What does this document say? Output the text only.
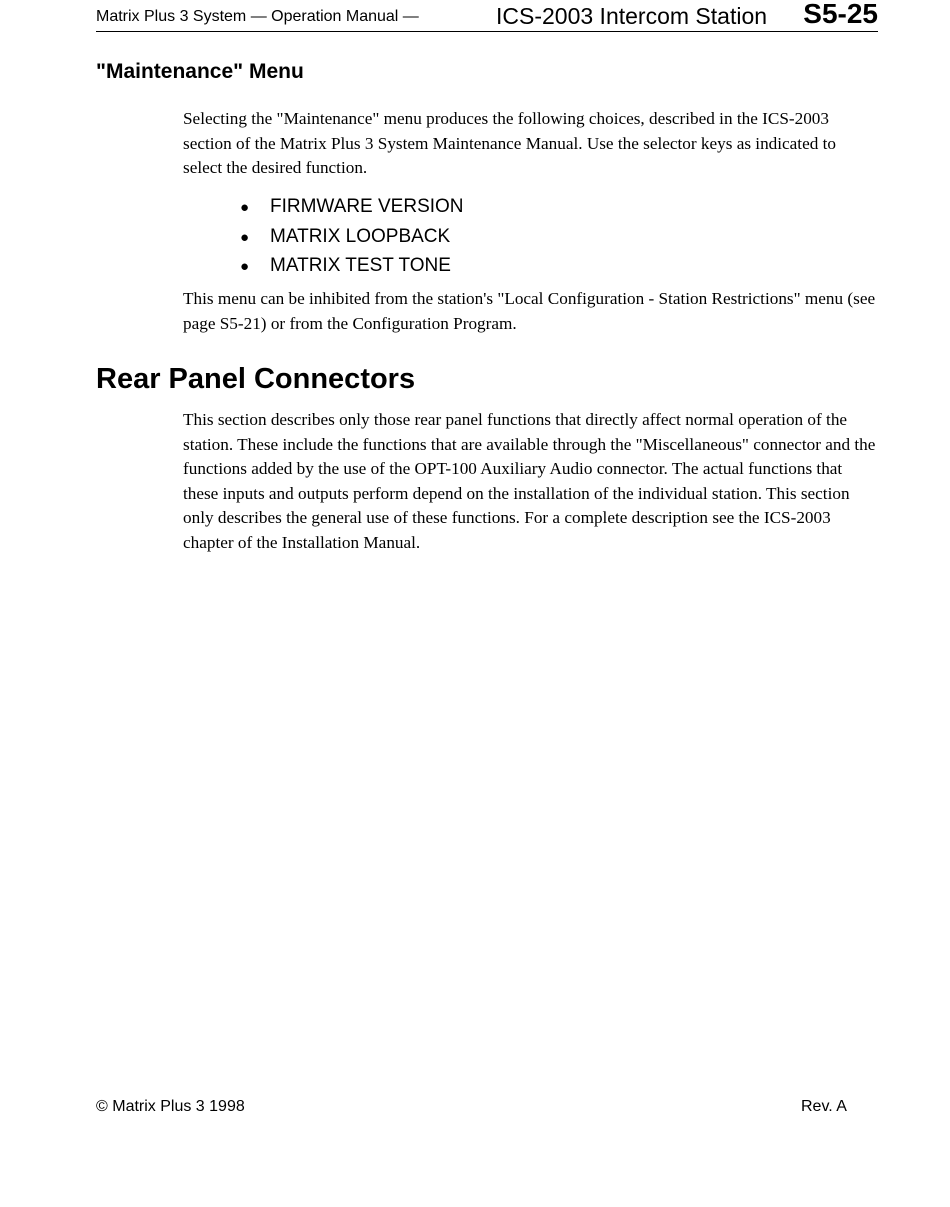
Matrix Plus 3 System — Operation Manual —	ICS-2003 Intercom Station S5-25
"Maintenance" Menu

Selecting the "Maintenance" menu produces the following choices, described in the ICS-2003 section of the Matrix Plus 3 System Maintenance Manual. Use the selector keys as indicated to select the desired function.

● FIRMWARE VERSION
● MATRIX LOOPBACK
● MATRIX TEST TONE

This menu can be inhibited from the station's "Local Configuration - Station Restrictions" menu (see page S5-21) or from the Configuration Program.

Rear Panel Connectors

This section describes only those rear panel functions that directly affect normal operation of the station. These include the functions that are available through the "Miscellaneous" connector and the functions added by the use of the OPT-100 Auxiliary Audio connector. The actual functions that these inputs and outputs perform depend on the installation of the individual station. This section only describes the general use of these functions. For a complete description see the ICS-2003 chapter of the Installation Manual.

© Matrix Plus 3 1998	Rev. A
